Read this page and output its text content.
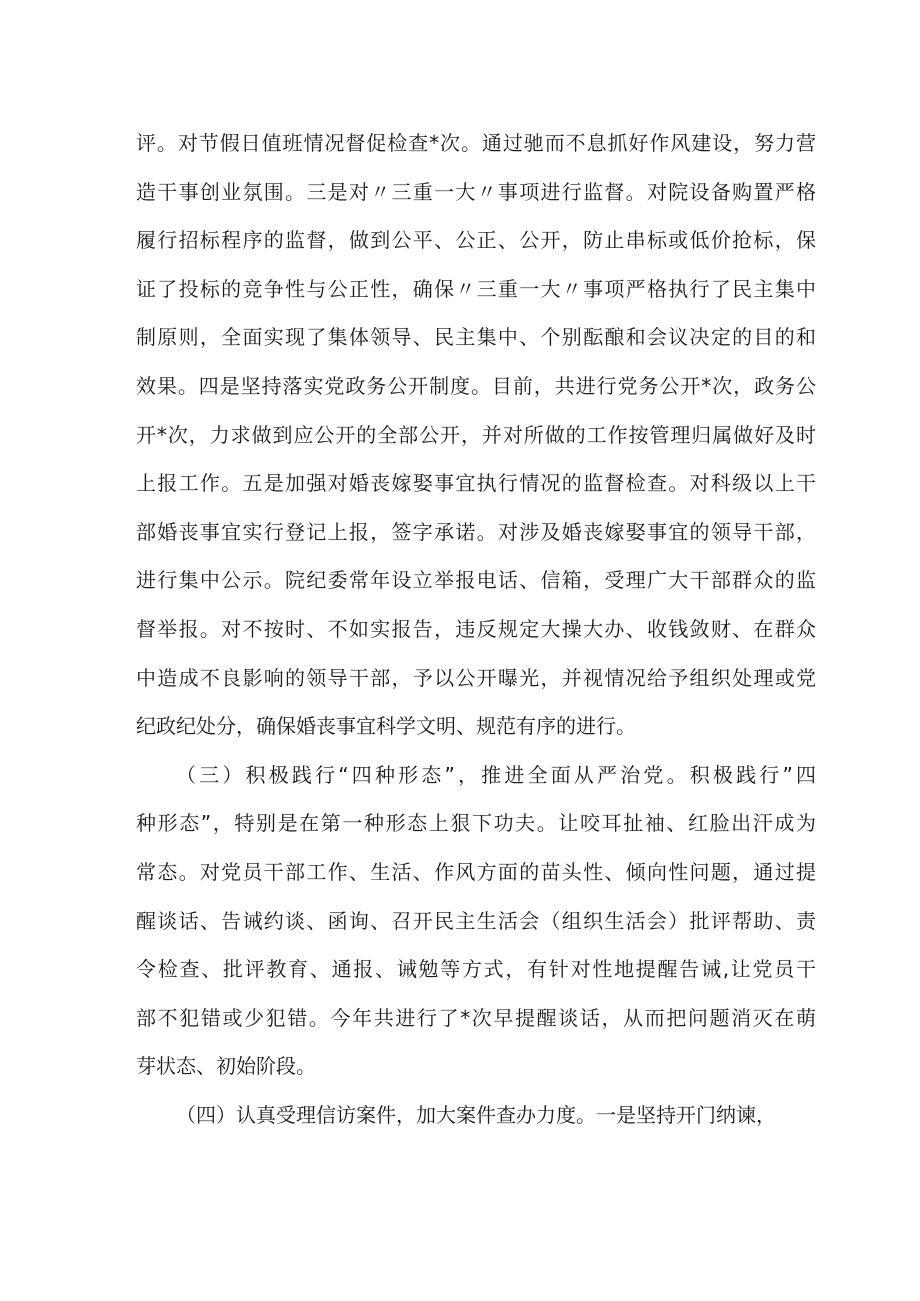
评。对节假日值班情况督促检查*次。通过驰而不息抓好作风建设，努力营
造干事创业氛围。三是对〃三重一大〃事项进行监督。对院设备购置严格
履行招标程序的监督，做到公平、公正、公开，防止串标或低价抢标，保
证了投标的竞争性与公正性，确保〃三重一大〃事项严格执行了民主集中
制原则，全面实现了集体领导、民主集中、个别酝酿和会议决定的目的和
效果。四是坚持落实党政务公开制度。目前，共进行党务公开*次，政务公
开*次，力求做到应公开的全部公开，并对所做的工作按管理归属做好及时
上报工作。五是加强对婚丧嫁娶事宜执行情况的监督检查。对科级以上干
部婚丧事宜实行登记上报，签字承诺。对涉及婚丧嫁娶事宜的领导干部，
进行集中公示。院纪委常年设立举报电话、信箱，受理广大干部群众的监
督举报。对不按时、不如实报告，违反规定大操大办、收钱敛财、在群众
中造成不良影响的领导干部，予以公开曝光，并视情况给予组织处理或党
纪政纪处分，确保婚丧事宜科学文明、规范有序的进行。
（三）积极践行“四种形态”，推进全面从严治党。积极践行”四
种形态”，特别是在第一种形态上狠下功夫。让咬耳扯袖、红脸出汗成为
常态。对党员干部工作、生活、作风方面的苗头性、倾向性问题，通过提
醒谈话、告诫约谈、函询、召开民主生活会（组织生活会）批评帮助、责
令检查、批评教育、通报、诫勉等方式，有针对性地提醒告诫,让党员干
部不犯错或少犯错。今年共进行了*次早提醒谈话，从而把问题消灭在萌
芽状态、初始阶段。
（四）认真受理信访案件，加大案件查办力度。一是坚持开门纳谏，
